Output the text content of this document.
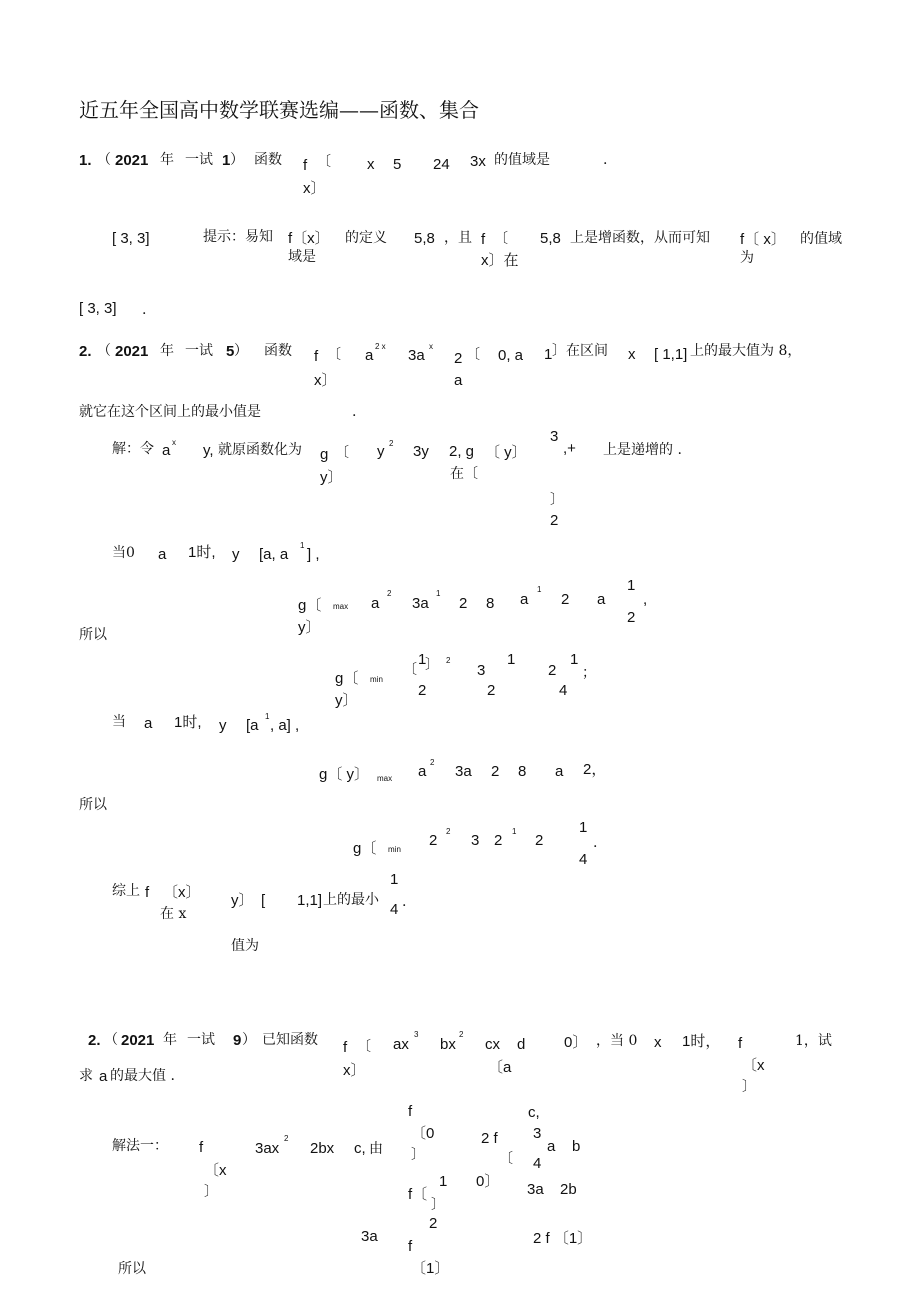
近五年全国高中数学联赛选编——函数、集合
1. （ 2021 年 一试 1 ） 函数 f 〔
x〕
x 5 24 3x 的值域是	.
[ 3, 3]	提示：易知 f〔x〕 的定义
域是
5,8 ，且 f 〔
x〕在
5,8 上是增函数，从而可知 f〔 x〕 的值域
为
[ 3, 3] .
2. （ 2021 年 一试 5 ） 函数 f 〔
x〕
a
2 x
3a
x
2 〔
a
0, a 1 〕在区间 x [ 1,1] 上的最大值为 8，
就它在这个区间上的最小值是	.
解：令 a x y, 就原函数化为 g 〔
y〕
y 2 3y 2, g 〔 y〕
在〔
3
,+
〕
2
上是递增的 .
当0 a 1时, y [a, a
1
] ,
g〔 max
y〕
a
2
3a
1
2 8 a
1
2 a
1
2
,
所以
g〔 min
y〕
〔
1
〕 2
2
3
1
2
2
1
4
；
当 a 1时, y [a
1
, a] ,
g〔 y〕 max a
2
3a 2 8 a 2，
所以
g〔 min
2
2
3 2
1
2
1
4
.
综上 f 〔x〕
在 x
y〕 [ 1,1] 上的最小
1
4 .
值为
2. （ 2021 年 一试 9 ） 已知函数 f 〔
x〕
ax
3
bx
2
cx d	0〕
〔a
，当 0 x 1时， f
〔x
〕
1，试
求 a 的最大值 .
解法一： f
〔x
〕
3ax
2
2bx c, 由
f
〔0
〕
c,
2 f 3
a b
〔 4
f〔
1 0〕 3a 2b
〕
2
3a
f
〔1〕
2 f 〔1〕
所以
